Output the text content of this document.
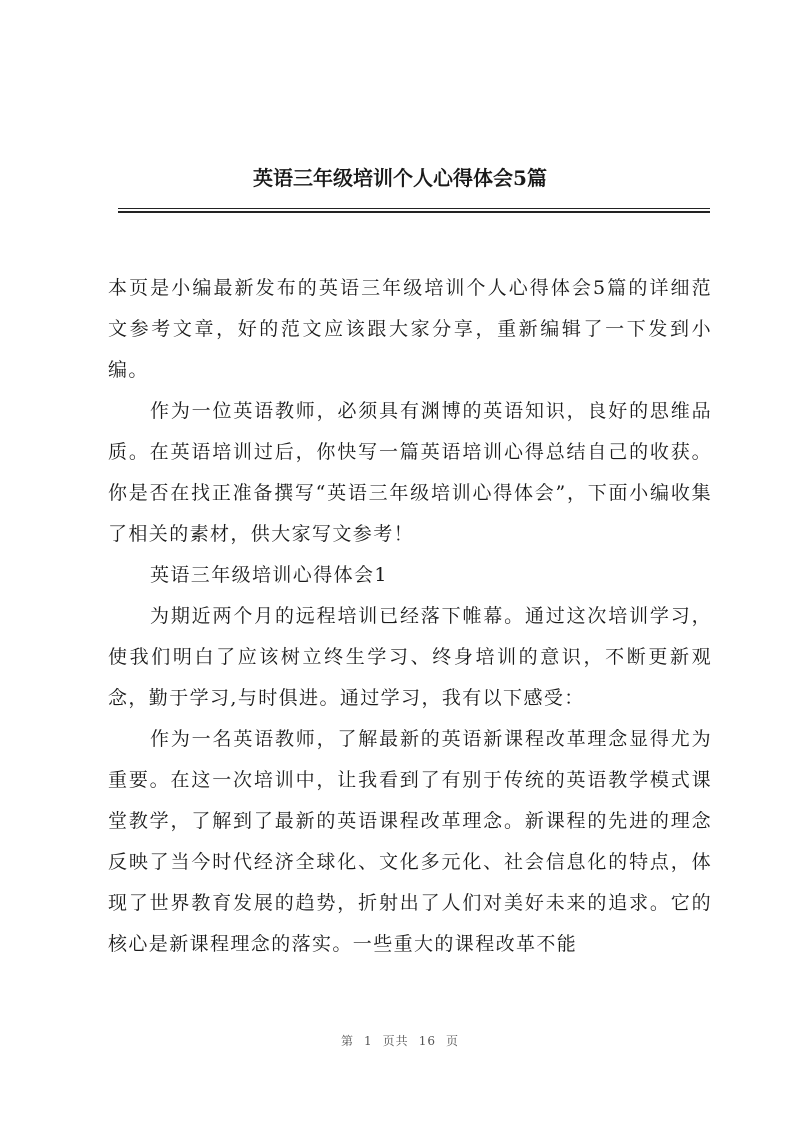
英语三年级培训个人心得体会5篇

本页是小编最新发布的英语三年级培训个人心得体会5篇的详细范文参考文章，好的范文应该跟大家分享，重新编辑了一下发到小编。

作为一位英语教师，必须具有渊博的英语知识，良好的思维品质。在英语培训过后，你快写一篇英语培训心得总结自己的收获。你是否在找正准备撰写“英语三年级培训心得体会”，下面小编收集了相关的素材，供大家写文参考！

英语三年级培训心得体会1

为期近两个月的远程培训已经落下帷幕。通过这次培训学习，使我们明白了应该树立终生学习、终身培训的意识，不断更新观念，勤于学习,与时俱进。通过学习，我有以下感受：

作为一名英语教师，了解最新的英语新课程改革理念显得尤为重要。在这一次培训中，让我看到了有别于传统的英语教学模式课堂教学，了解到了最新的英语课程改革理念。新课程的先进的理念反映了当今时代经济全球化、文化多元化、社会信息化的特点，体现了世界教育发展的趋势，折射出了人们对美好未来的追求。它的核心是新课程理念的落实。一些重大的课程改革不能

第 1 页共 16 页
